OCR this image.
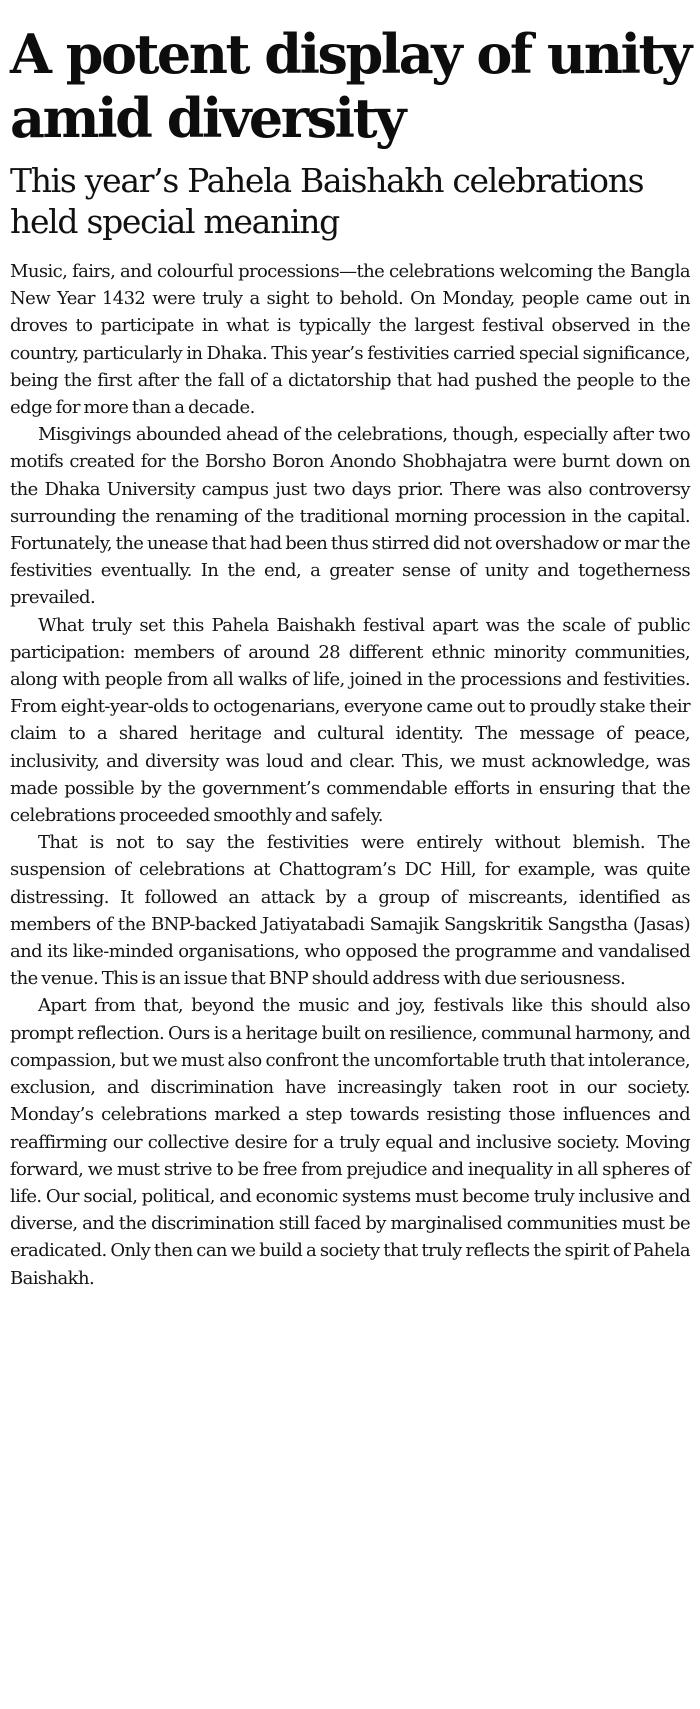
A potent display of unity amid diversity
This year’s Pahela Baishakh celebrations held special meaning

Music, fairs, and colourful processions—the celebrations welcoming the Bangla New Year 1432 were truly a sight to behold. On Monday, people came out in droves to participate in what is typically the largest festival observed in the country, particularly in Dhaka. This year’s festivities carried special significance, being the first after the fall of a dictatorship that had pushed the people to the edge for more than a decade.

Misgivings abounded ahead of the celebrations, though, especially after two motifs created for the Borsho Boron Anondo Shobhajatra were burnt down on the Dhaka University campus just two days prior. There was also controversy surrounding the renaming of the traditional morning procession in the capital. Fortunately, the unease that had been thus stirred did not overshadow or mar the festivities eventually. In the end, a greater sense of unity and togetherness prevailed.

What truly set this Pahela Baishakh festival apart was the scale of public participation: members of around 28 different ethnic minority communities, along with people from all walks of life, joined in the processions and festivities. From eight-year-olds to octogenarians, everyone came out to proudly stake their claim to a shared heritage and cultural identity. The message of peace, inclusivity, and diversity was loud and clear. This, we must acknowledge, was made possible by the government’s commendable efforts in ensuring that the celebrations proceeded smoothly and safely.

That is not to say the festivities were entirely without blemish. The suspension of celebrations at Chattogram’s DC Hill, for example, was quite distressing. It followed an attack by a group of miscreants, identified as members of the BNP-backed Jatiyatabadi Samajik Sangskritik Sangstha (Jasas) and its like-minded organisations, who opposed the programme and vandalised the venue. This is an issue that BNP should address with due seriousness.

Apart from that, beyond the music and joy, festivals like this should also prompt reflection. Ours is a heritage built on resilience, communal harmony, and compassion, but we must also confront the uncomfortable truth that intolerance, exclusion, and discrimination have increasingly taken root in our society. Monday’s celebrations marked a step towards resisting those influences and reaffirming our collective desire for a truly equal and inclusive society. Moving forward, we must strive to be free from prejudice and inequality in all spheres of life. Our social, political, and economic systems must become truly inclusive and diverse, and the discrimination still faced by marginalised communities must be eradicated. Only then can we build a society that truly reflects the spirit of Pahela Baishakh.
